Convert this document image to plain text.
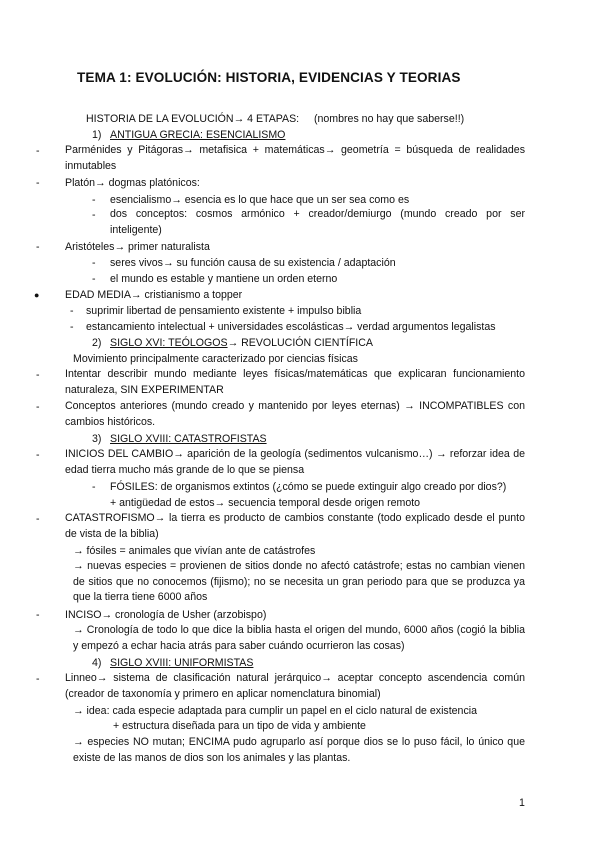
TEMA 1: EVOLUCIÓN: HISTORIA, EVIDENCIAS Y TEORIAS
HISTORIA DE LA EVOLUCIÓN→ 4 ETAPAS: (nombres no hay que saberse!!)
1) ANTIGUA GRECIA: ESENCIALISMO
- Parménides y Pitágoras→ metafisica + matemáticas→ geometría = búsqueda de realidades inmutables
- Platón→ dogmas platónicos:
- esencialismo→ esencia es lo que hace que un ser sea como es
- dos conceptos: cosmos armónico + creador/demiurgo (mundo creado por ser inteligente)
- Aristóteles→ primer naturalista
- seres vivos→ su función causa de su existencia / adaptación
- el mundo es estable y mantiene un orden eterno
● EDAD MEDIA→ cristianismo a topper
- suprimir libertad de pensamiento existente + impulso biblia
- estancamiento intelectual + universidades escolásticas→ verdad argumentos legalistas
2) SIGLO XVI: TEÓLOGOS→ REVOLUCIÓN CIENTÍFICA
Movimiento principalmente caracterizado por ciencias físicas
- Intentar describir mundo mediante leyes físicas/matemáticas que explicaran funcionamiento naturaleza, SIN EXPERIMENTAR
- Conceptos anteriores (mundo creado y mantenido por leyes eternas) → INCOMPATIBLES con cambios históricos.
3) SIGLO XVIII: CATASTROFISTAS
- INICIOS DEL CAMBIO→ aparición de la geología (sedimentos vulcanismo…) → reforzar idea de edad tierra mucho más grande de lo que se piensa
- FÓSILES: de organismos extintos (¿cómo se puede extinguir algo creado por dios?)
+ antigüedad de estos→ secuencia temporal desde origen remoto
- CATASTROFISMO→ la tierra es producto de cambios constante (todo explicado desde el punto de vista de la biblia)
→ fósiles = animales que vivían ante de catástrofes
→ nuevas especies = provienen de sitios donde no afectó catástrofe; estas no cambian vienen de sitios que no conocemos (fijismo); no se necesita un gran periodo para que se produzca ya que la tierra tiene 6000 años
- INCISO→ cronología de Usher (arzobispo)
→ Cronología de todo lo que dice la biblia hasta el origen del mundo, 6000 años (cogió la biblia y empezó a echar hacia atrás para saber cuándo ocurrieron las cosas)
4) SIGLO XVIII: UNIFORMISTAS
- Linneo→ sistema de clasificación natural jerárquico→ aceptar concepto ascendencia común (creador de taxonomía y primero en aplicar nomenclatura binomial)
→ idea: cada especie adaptada para cumplir un papel en el ciclo natural de existencia
+ estructura diseñada para un tipo de vida y ambiente
→ especies NO mutan; ENCIMA pudo agruparlo así porque dios se lo puso fácil, lo único que existe de las manos de dios son los animales y las plantas.
1
